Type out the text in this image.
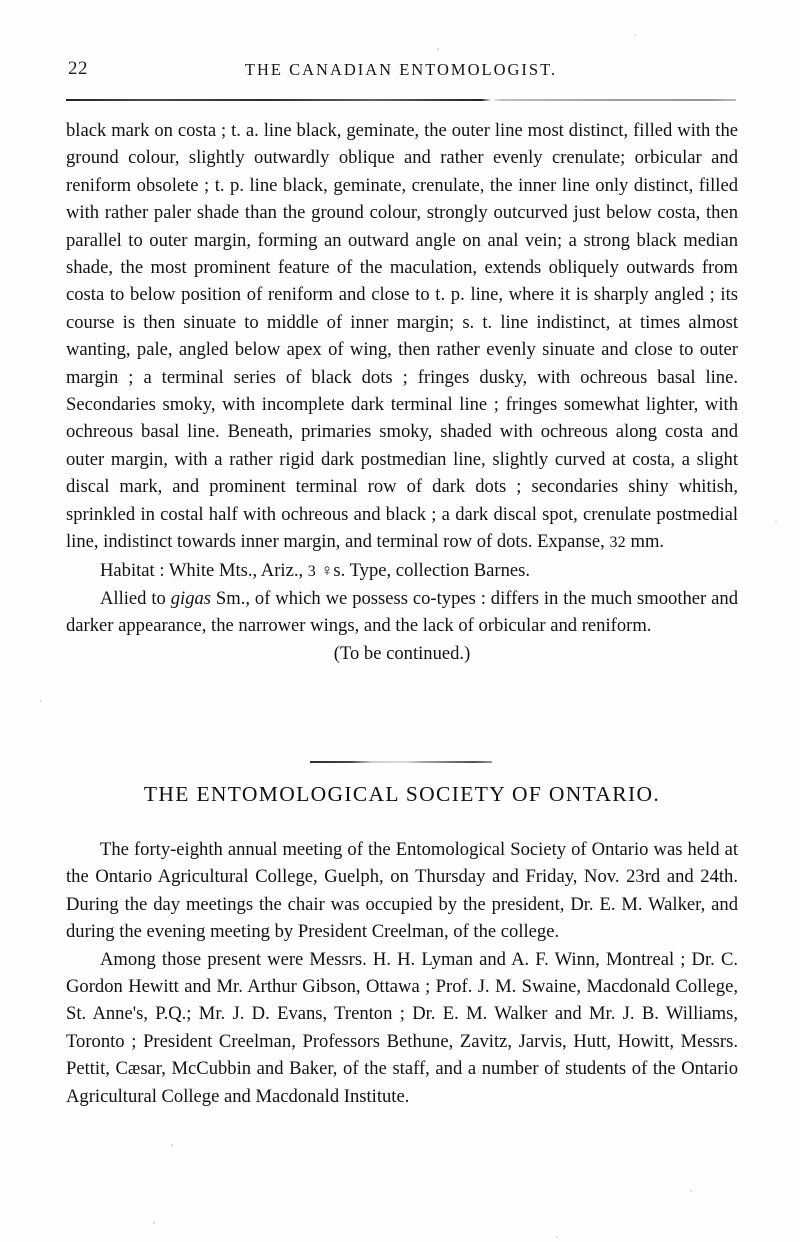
22	THE CANADIAN ENTOMOLOGIST.

black mark on costa ; t. a. line black, geminate, the outer line most distinct, filled with the ground colour, slightly outwardly oblique and rather evenly crenulate; orbicular and reniform obsolete ; t. p. line black, geminate, crenulate, the inner line only distinct, filled with rather paler shade than the ground colour, strongly outcurved just below costa, then parallel to outer margin, forming an outward angle on anal vein; a strong black median shade, the most prominent feature of the maculation, extends obliquely outwards from costa to below position of reniform and close to t. p. line, where it is sharply angled ; its course is then sinuate to middle of inner margin; s. t. line indistinct, at times almost wanting, pale, angled below apex of wing, then rather evenly sinuate and close to outer margin ; a terminal series of black dots ; fringes dusky, with ochreous basal line. Secondaries smoky, with incomplete dark terminal line ; fringes somewhat lighter, with ochreous basal line. Beneath, primaries smoky, shaded with ochreous along costa and outer margin, with a rather rigid dark postmedian line, slightly curved at costa, a slight discal mark, and prominent terminal row of dark dots ; secondaries shiny whitish, sprinkled in costal half with ochreous and black ; a dark discal spot, crenulate postmedial line, indistinct towards inner margin, and terminal row of dots. Expanse, 32 mm.

Habitat : White Mts., Ariz., 3 ♀s. Type, collection Barnes.

Allied to gigas Sm., of which we possess co-types : differs in the much smoother and darker appearance, the narrower wings, and the lack of orbicular and reniform.

(To be continued.)

THE ENTOMOLOGICAL SOCIETY OF ONTARIO.

The forty-eighth annual meeting of the Entomological Society of Ontario was held at the Ontario Agricultural College, Guelph, on Thursday and Friday, Nov. 23rd and 24th. During the day meetings the chair was occupied by the president, Dr. E. M. Walker, and during the evening meeting by President Creelman, of the college.

Among those present were Messrs. H. H. Lyman and A. F. Winn, Montreal ; Dr. C. Gordon Hewitt and Mr. Arthur Gibson, Ottawa ; Prof. J. M. Swaine, Macdonald College, St. Anne's, P.Q.; Mr. J. D. Evans, Trenton ; Dr. E. M. Walker and Mr. J. B. Williams, Toronto ; President Creelman, Professors Bethune, Zavitz, Jarvis, Hutt, Howitt, Messrs. Pettit, Cæsar, McCubbin and Baker, of the staff, and a number of students of the Ontario Agricultural College and Macdonald Institute.
